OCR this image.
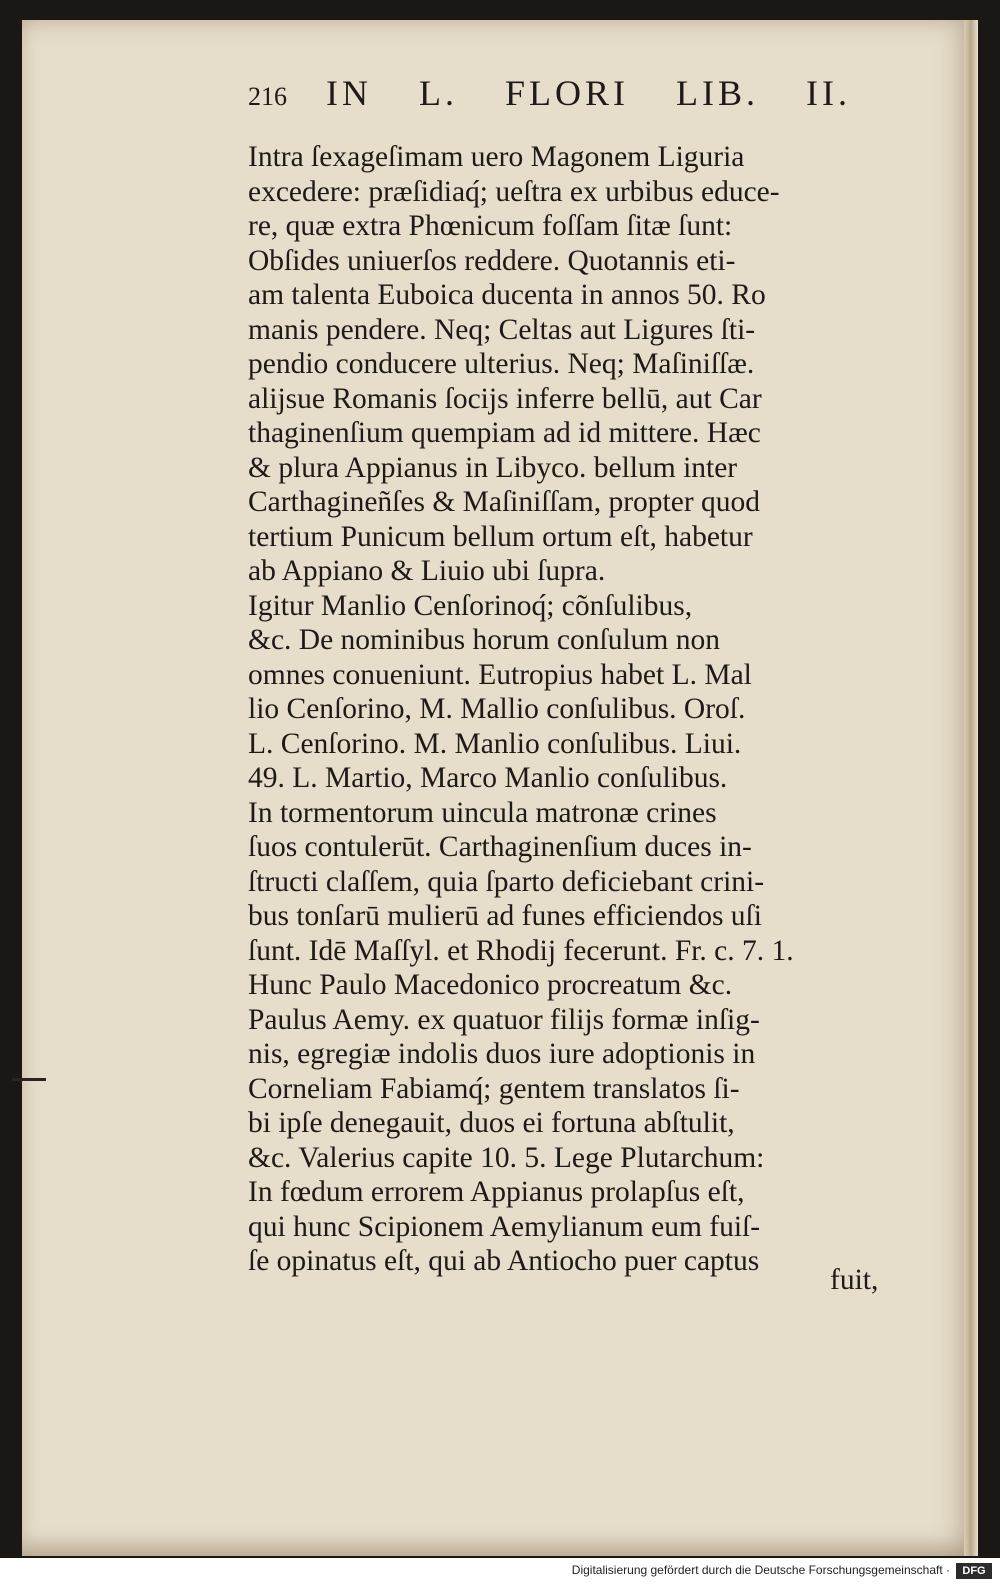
216 IN L. FLORI LIB. II.
Intra ſexageſimam uero Magonem Liguria
excedere: præſidiaq́; ueſtra ex urbibus educe-
re, quæ extra Phœnicum foſſam ſitæ ſunt:
Obſides uniuerſos reddere. Quotannis eti-
am talenta Euboica ducenta in annos 50. Ro
manis pendere. Neq; Celtas aut Ligures ſti-
pendio conducere ulterius. Neq; Maſiniſſæ.
alijsue Romanis ſocijs inferre bellū, aut Car
thaginenſium quempiam ad id mittere. Hæc
& plura Appianus in Libyco. bellum inter
Carthagineñſes & Maſiniſſam, propter quod
tertium Punicum bellum ortum eſt, habetur
ab Appiano & Liuio ubi ſupra.
Igitur Manlio Cenſorinoq́; cõnſulibus,
&c. De nominibus horum conſulum non
omnes conueniunt. Eutropius habet L. Mal
lio Cenſorino, M. Mallio conſulibus. Oroſ.
L. Cenſorino. M. Manlio conſulibus. Liui.
49. L. Martio, Marco Manlio conſulibus.
In tormentorum uincula matronæ crines
ſuos contulerūt. Carthaginenſium duces in-
ſtructi claſſem, quia ſparto deficiebant crini-
bus tonſarū mulierū ad funes efficiendos uſi
ſunt. Idē Maſſyl. et Rhodij fecerunt. Fr. c. 7. 1.
Hunc Paulo Macedonico procreatum &c.
Paulus Aemy. ex quatuor filijs formæ inſig-
nis, egregiæ indolis duos iure adoptionis in
Corneliam Fabiamq́; gentem translatos ſi-
bi ipſe denegauit, duos ei fortuna abſtulit,
&c. Valerius capite 10. 5. Lege Plutarchum:
In fœdum errorem Appianus prolapſus eſt,
qui hunc Scipionem Aemylianum eum fuiſ-
ſe opinatus eſt, qui ab Antiocho puer captus
fuit,
Digitalisierung gefördert durch die Deutsche Forschungsgemeinschaft ·	DFG
